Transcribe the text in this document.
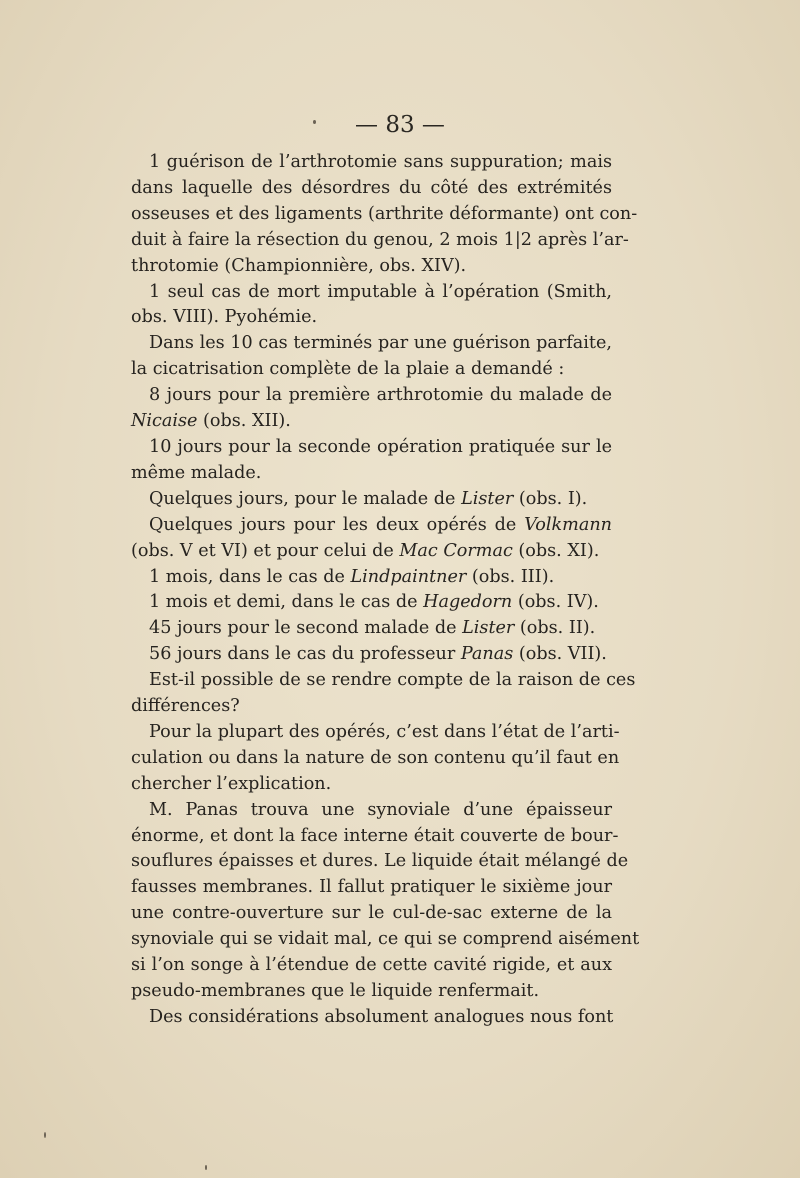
— 83 —
1 guérison de l’arthrotomie sans suppuration; mais
dans laquelle des désordres du côté des extrémités
osseuses et des ligaments (arthrite déformante) ont con-
duit à faire la résection du genou, 2 mois 1|2 après l’ar-
throtomie (Championnière, obs. XIV).
1 seul cas de mort imputable à l’opération (Smith,
obs. VIII). Pyohémie.
Dans les 10 cas terminés par une guérison parfaite,
la cicatrisation complète de la plaie a demandé :
8 jours pour la première arthrotomie du malade de
Nicaise (obs. XII).
10 jours pour la seconde opération pratiquée sur le
même malade.
Quelques jours, pour le malade de Lister (obs. I).
Quelques jours pour les deux opérés de Volkmann
(obs. V et VI) et pour celui de Mac Cormac (obs. XI).
1 mois, dans le cas de Lindpaintner (obs. III).
1 mois et demi, dans le cas de Hagedorn (obs. IV).
45 jours pour le second malade de Lister (obs. II).
56 jours dans le cas du professeur Panas (obs. VII).
Est-il possible de se rendre compte de la raison de ces
différences?
Pour la plupart des opérés, c’est dans l’état de l’arti-
culation ou dans la nature de son contenu qu’il faut en
chercher l’explication.
M. Panas trouva une synoviale d’une épaisseur
énorme, et dont la face interne était couverte de bour-
souflures épaisses et dures. Le liquide était mélangé de
fausses membranes. Il fallut pratiquer le sixième jour
une contre-ouverture sur le cul-de-sac externe de la
synoviale qui se vidait mal, ce qui se comprend aisément
si l’on songe à l’étendue de cette cavité rigide, et aux
pseudo-membranes que le liquide renfermait.
Des considérations absolument analogues nous font
